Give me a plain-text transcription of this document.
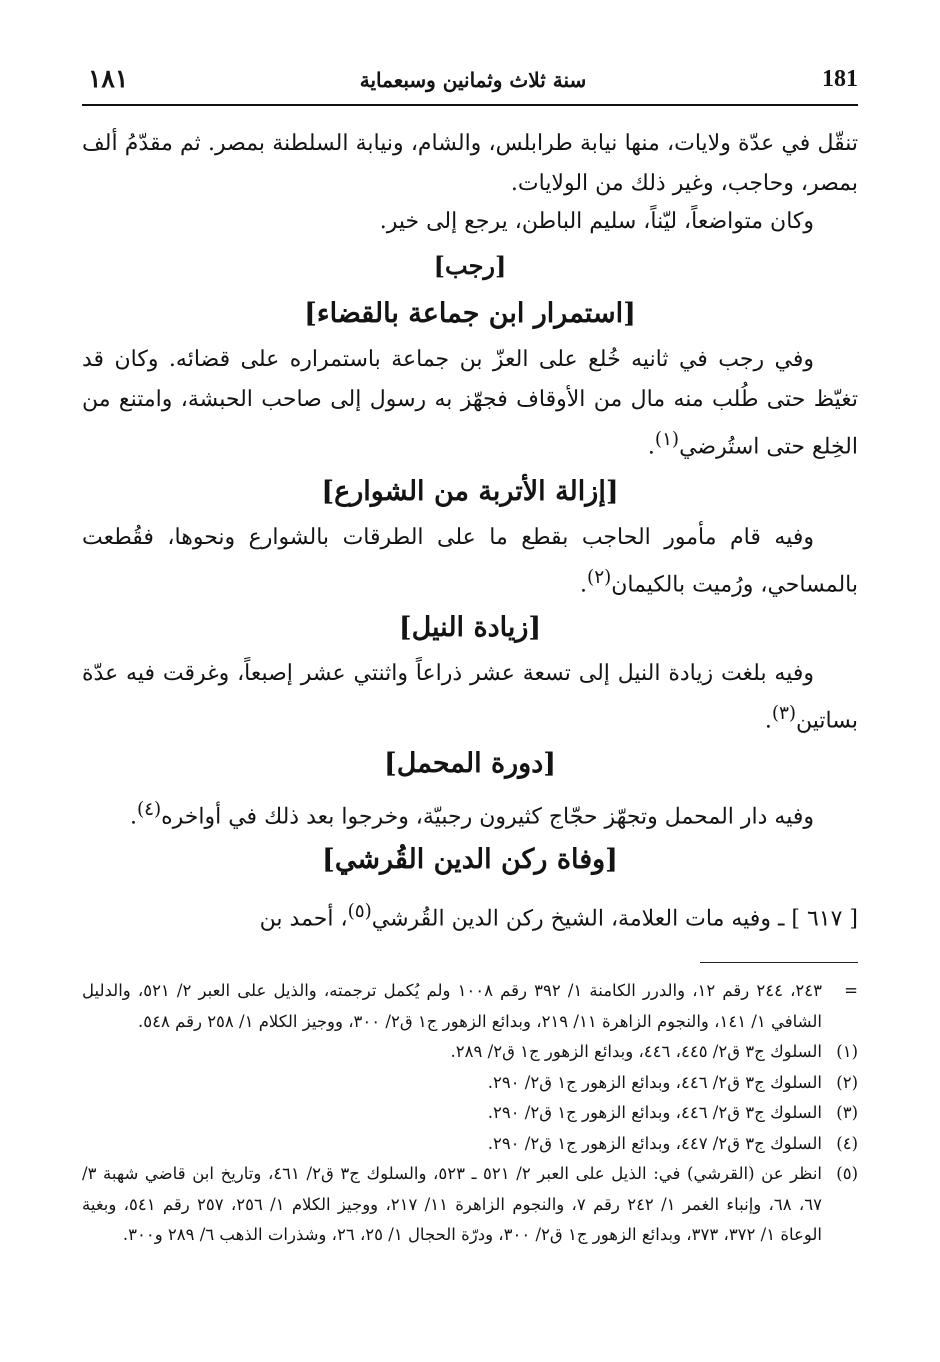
181
سنة ثلاث وثمانين وسبعماية
١٨١
تنقّل في عدّة ولايات، منها نيابة طرابلس، والشام، ونيابة السلطنة بمصر. ثم مقدّمُ ألف بمصر، وحاجب، وغير ذلك من الولايات.
وكان متواضعاً، ليّناً، سليم الباطن، يرجع إلى خير.
[رجب]
[استمرار ابن جماعة بالقضاء]
وفي رجب في ثانيه خُلع على العزّ بن جماعة باستمراره على قضائه. وكان قد تغيّظ حتى طُلب منه مال من الأوقاف فجهّز به رسول إلى صاحب الحبشة، وامتنع من الخِلع حتى استُرضي$^{(١)}$.
[إزالة الأتربة من الشوارع]
وفيه قام مأمور الحاجب بقطع ما على الطرقات بالشوارع ونحوها، فقُطعت بالمساحي، ورُميت بالكيمان$^{(٢)}$.
[زيادة النيل]
وفيه بلغت زيادة النيل إلى تسعة عشر ذراعاً واثنتي عشر إصبعاً، وغرقت فيه عدّة بساتين$^{(٣)}$.
[دورة المحمل]
وفيه دار المحمل وتجهّز حجّاج كثيرون رجبيّة، وخرجوا بعد ذلك في أواخره$^{(٤)}$.
[وفاة ركن الدين القُرشي]
[ ٦١٧ ] ـ وفيه مات العلامة، الشيخ ركن الدين القُرشي$^{(٥)}$، أحمد بن
=
٢٤٣، ٢٤٤ رقم ١٢، والدرر الكامنة ١/ ٣٩٢ رقم ١٠٠٨ ولم يُكمل ترجمته، والذيل على العبر ٢/ ٥٢١، والدليل الشافي ١/ ١٤١، والنجوم الزاهرة ١١/ ٢١٩، وبدائع الزهور ج١ ق٢/ ٣٠٠، ووجيز الكلام ١/ ٢٥٨ رقم ٥٤٨.
(١)
السلوك ج٣ ق٢/ ٤٤٥، ٤٤٦، وبدائع الزهور ج١ ق٢/ ٢٨٩.
(٢)
السلوك ج٣ ق٢/ ٤٤٦، وبدائع الزهور ج١ ق٢/ ٢٩٠.
(٣)
السلوك ج٣ ق٢/ ٤٤٦، وبدائع الزهور ج١ ق٢/ ٢٩٠.
(٤)
السلوك ج٣ ق٢/ ٤٤٧، وبدائع الزهور ج١ ق٢/ ٢٩٠.
(٥)
انظر عن (القرشي) في: الذيل على العبر ٢/ ٥٢١ ـ ٥٢٣، والسلوك ج٣ ق٢/ ٤٦١، وتاريخ ابن قاضي شهبة ٣/ ٦٧، ٦٨، وإنباء الغمر ١/ ٢٤٢ رقم ٧، والنجوم الزاهرة ١١/ ٢١٧، ووجيز الكلام ١/ ٢٥٦، ٢٥٧ رقم ٥٤١، وبغية الوعاة ١/ ٣٧٢، ٣٧٣، وبدائع الزهور ج١ ق٢/ ٣٠٠، ودرّة الحجال ١/ ٢٥، ٢٦، وشذرات الذهب ٦/ ٢٨٩ و٣٠٠.
